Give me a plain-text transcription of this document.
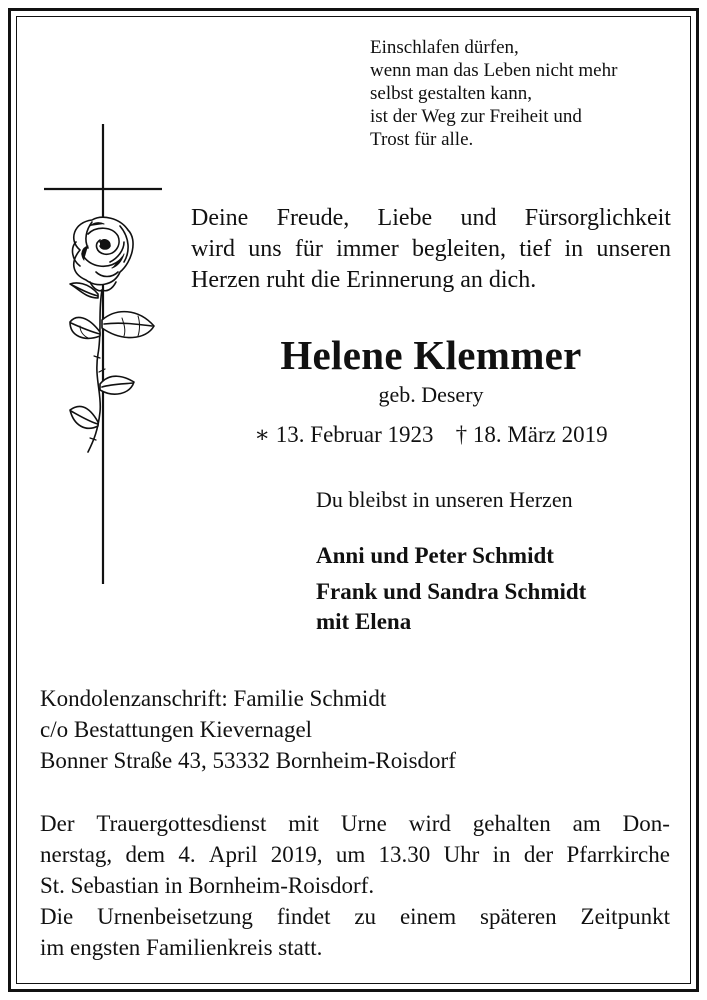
Einschlafen dürfen,
wenn man das Leben nicht mehr
selbst gestalten kann,
ist der Weg zur Freiheit und
Trost für alle.
Deine Freude, Liebe und Fürsorglichkeit
wird uns für immer begleiten, tief in unseren
Herzen ruht die Erinnerung an dich.
Helene Klemmer
geb. Desery
∗ 13. Februar 1923 † 18. März 2019
Du bleibst in unseren Herzen
Anni und Peter Schmidt
Frank und Sandra Schmidt
mit Elena
Kondolenzanschrift: Familie Schmidt
c/o Bestattungen Kievernagel
Bonner Straße 43, 53332 Bornheim-Roisdorf
Der Trauergottesdienst mit Urne wird gehalten am Don-
nerstag, dem 4. April 2019, um 13.30 Uhr in der Pfarrkirche
St. Sebastian in Bornheim-Roisdorf.
Die Urnenbeisetzung findet zu einem späteren Zeitpunkt
im engsten Familienkreis statt.
